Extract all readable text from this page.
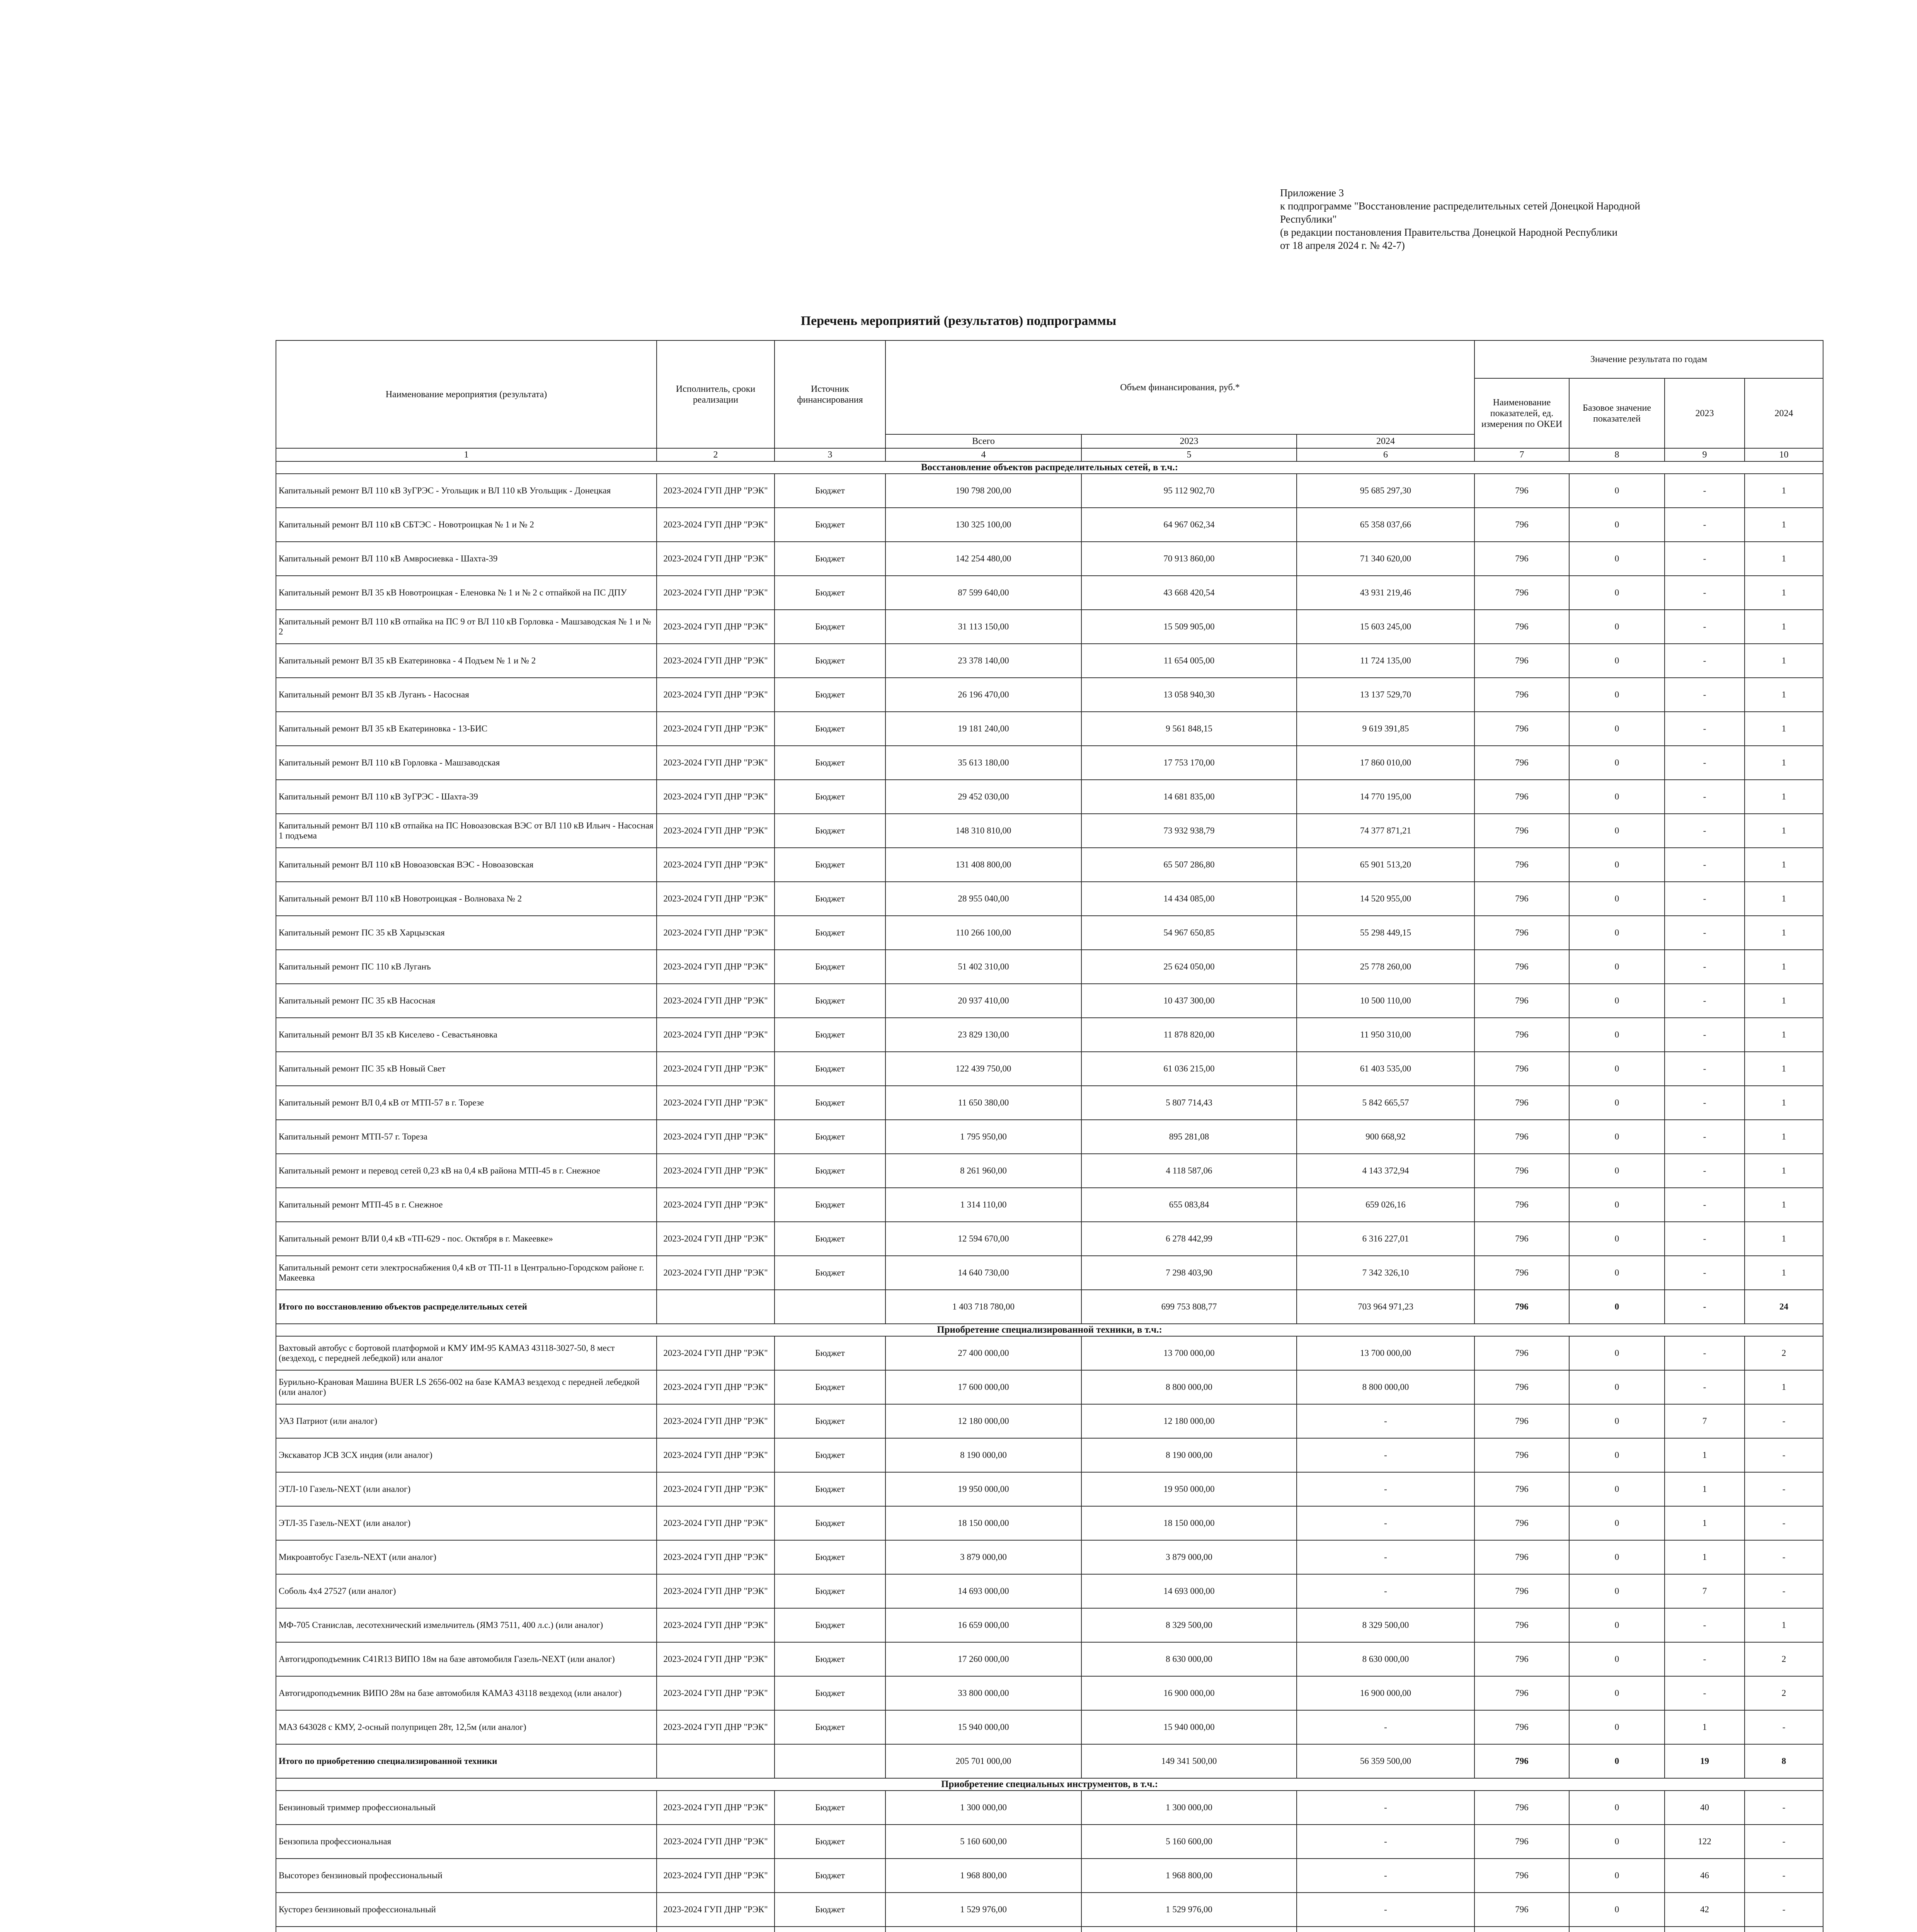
Приложение 3
к подпрограмме "Восстановление распределительных сетей Донецкой Народной
Республики"
(в редакции постановления Правительства Донецкой Народной Республики
от 18 апреля 2024 г. № 42-7)
Перечень мероприятий (результатов) подпрограммы
Наименование мероприятия (результата)	Исполнитель, сроки реализации	Источник финансирования	Объем финансирования, руб.*			Значение результата по годам			
						Наименование показателей, ед. измерения по ОКЕИ	Базовое значение показателей	2023	2024
			Всего	2023	2024				
1	2	3	4	5	6	7	8	9	10
Восстановление объектов распределительных сетей, в т.ч.:									
Капитальный ремонт ВЛ 110 кВ ЗуГРЭС - Угольщик и ВЛ 110 кВ Угольщик - Донецкая	2023-2024 ГУП ДНР "РЭК"	Бюджет	190 798 200,00	95 112 902,70	95 685 297,30	796	0	-	1
Капитальный ремонт ВЛ 110 кВ СБТЭС - Новотроицкая № 1 и № 2	2023-2024 ГУП ДНР "РЭК"	Бюджет	130 325 100,00	64 967 062,34	65 358 037,66	796	0	-	1
Капитальный ремонт ВЛ 110 кВ Амвросиевка - Шахта-39	2023-2024 ГУП ДНР "РЭК"	Бюджет	142 254 480,00	70 913 860,00	71 340 620,00	796	0	-	1
Капитальный ремонт ВЛ 35 кВ Новотроицкая - Еленовка № 1 и № 2 с отпайкой на ПС ДПУ	2023-2024 ГУП ДНР "РЭК"	Бюджет	87 599 640,00	43 668 420,54	43 931 219,46	796	0	-	1
Капитальный ремонт ВЛ 110 кВ отпайка на ПС 9 от ВЛ 110 кВ Горловка - Машзаводская № 1 и № 2	2023-2024 ГУП ДНР "РЭК"	Бюджет	31 113 150,00	15 509 905,00	15 603 245,00	796	0	-	1
Капитальный ремонт ВЛ 35 кВ Екатериновка - 4 Подъем № 1 и № 2	2023-2024 ГУП ДНР "РЭК"	Бюджет	23 378 140,00	11 654 005,00	11 724 135,00	796	0	-	1
Капитальный ремонт ВЛ 35 кВ Луганъ - Насосная	2023-2024 ГУП ДНР "РЭК"	Бюджет	26 196 470,00	13 058 940,30	13 137 529,70	796	0	-	1
Капитальный ремонт ВЛ 35 кВ Екатериновка - 13-БИС	2023-2024 ГУП ДНР "РЭК"	Бюджет	19 181 240,00	9 561 848,15	9 619 391,85	796	0	-	1
Капитальный ремонт ВЛ 110 кВ Горловка - Машзаводская	2023-2024 ГУП ДНР "РЭК"	Бюджет	35 613 180,00	17 753 170,00	17 860 010,00	796	0	-	1
Капитальный ремонт ВЛ 110 кВ ЗуГРЭС - Шахта-39	2023-2024 ГУП ДНР "РЭК"	Бюджет	29 452 030,00	14 681 835,00	14 770 195,00	796	0	-	1
Капитальный ремонт ВЛ 110 кВ отпайка на ПС Новоазовская ВЭС от ВЛ 110 кВ Ильич - Насосная 1 подъема	2023-2024 ГУП ДНР "РЭК"	Бюджет	148 310 810,00	73 932 938,79	74 377 871,21	796	0	-	1
Капитальный ремонт ВЛ 110 кВ Новоазовская ВЭС - Новоазовская	2023-2024 ГУП ДНР "РЭК"	Бюджет	131 408 800,00	65 507 286,80	65 901 513,20	796	0	-	1
Капитальный ремонт ВЛ 110 кВ Новотроицкая - Волноваха № 2	2023-2024 ГУП ДНР "РЭК"	Бюджет	28 955 040,00	14 434 085,00	14 520 955,00	796	0	-	1
Капитальный ремонт ПС 35 кВ Харцызская	2023-2024 ГУП ДНР "РЭК"	Бюджет	110 266 100,00	54 967 650,85	55 298 449,15	796	0	-	1
Капитальный ремонт ПС 110 кВ Луганъ	2023-2024 ГУП ДНР "РЭК"	Бюджет	51 402 310,00	25 624 050,00	25 778 260,00	796	0	-	1
Капитальный ремонт ПС 35 кВ Насосная	2023-2024 ГУП ДНР "РЭК"	Бюджет	20 937 410,00	10 437 300,00	10 500 110,00	796	0	-	1
Капитальный ремонт ВЛ 35 кВ Киселево - Севастьяновка	2023-2024 ГУП ДНР "РЭК"	Бюджет	23 829 130,00	11 878 820,00	11 950 310,00	796	0	-	1
Капитальный ремонт ПС 35 кВ Новый Свет	2023-2024 ГУП ДНР "РЭК"	Бюджет	122 439 750,00	61 036 215,00	61 403 535,00	796	0	-	1
Капитальный ремонт ВЛ 0,4 кВ от МТП-57 в г. Торезе	2023-2024 ГУП ДНР "РЭК"	Бюджет	11 650 380,00	5 807 714,43	5 842 665,57	796	0	-	1
Капитальный ремонт МТП-57 г. Тореза	2023-2024 ГУП ДНР "РЭК"	Бюджет	1 795 950,00	895 281,08	900 668,92	796	0	-	1
Капитальный ремонт и перевод сетей 0,23 кВ на 0,4 кВ района МТП-45 в г. Снежное	2023-2024 ГУП ДНР "РЭК"	Бюджет	8 261 960,00	4 118 587,06	4 143 372,94	796	0	-	1
Капитальный ремонт МТП-45 в г. Снежное	2023-2024 ГУП ДНР "РЭК"	Бюджет	1 314 110,00	655 083,84	659 026,16	796	0	-	1
Капитальный ремонт ВЛИ 0,4 кВ «ТП-629 - пос. Октября в г. Макеевке»	2023-2024 ГУП ДНР "РЭК"	Бюджет	12 594 670,00	6 278 442,99	6 316 227,01	796	0	-	1
Капитальный ремонт сети электроснабжения 0,4 кВ от ТП-11 в Центрально-Городском районе г. Макеевка	2023-2024 ГУП ДНР "РЭК"	Бюджет	14 640 730,00	7 298 403,90	7 342 326,10	796	0	-	1
Итого по восстановлению объектов распределительных сетей			1 403 718 780,00	699 753 808,77	703 964 971,23	796	0	-	24
Приобретение специализированной техники, в т.ч.:									
Вахтовый автобус с бортовой платформой и КМУ ИМ-95 КАМАЗ 43118-3027-50, 8 мест (вездеход, с передней лебедкой) или аналог	2023-2024 ГУП ДНР "РЭК"	Бюджет	27 400 000,00	13 700 000,00	13 700 000,00	796	0	-	2
Бурильно-Крановая Машина BUER LS 2656-002 на базе КАМАЗ вездеход с передней лебедкой (или аналог)	2023-2024 ГУП ДНР "РЭК"	Бюджет	17 600 000,00	8 800 000,00	8 800 000,00	796	0	-	1
УАЗ Патриот (или аналог)	2023-2024 ГУП ДНР "РЭК"	Бюджет	12 180 000,00	12 180 000,00	-	796	0	7	-
Экскаватор JCB 3CX индия (или аналог)	2023-2024 ГУП ДНР "РЭК"	Бюджет	8 190 000,00	8 190 000,00	-	796	0	1	-
ЭТЛ-10 Газель-NEXT (или аналог)	2023-2024 ГУП ДНР "РЭК"	Бюджет	19 950 000,00	19 950 000,00	-	796	0	1	-
ЭТЛ-35 Газель-NEXT (или аналог)	2023-2024 ГУП ДНР "РЭК"	Бюджет	18 150 000,00	18 150 000,00	-	796	0	1	-
Микроавтобус Газель-NEXT (или аналог)	2023-2024 ГУП ДНР "РЭК"	Бюджет	3 879 000,00	3 879 000,00	-	796	0	1	-
Соболь 4х4 27527 (или аналог)	2023-2024 ГУП ДНР "РЭК"	Бюджет	14 693 000,00	14 693 000,00	-	796	0	7	-
МФ-705 Станислав, лесотехнический измельчитель (ЯМЗ 7511, 400 л.с.) (или аналог)	2023-2024 ГУП ДНР "РЭК"	Бюджет	16 659 000,00	8 329 500,00	8 329 500,00	796	0	-	1
Автогидроподъемник С41R13 ВИПО 18м на базе автомобиля Газель-NEXT (или аналог)	2023-2024 ГУП ДНР "РЭК"	Бюджет	17 260 000,00	8 630 000,00	8 630 000,00	796	0	-	2
Автогидроподъемник ВИПО 28м на базе автомобиля КАМАЗ 43118 вездеход (или аналог)	2023-2024 ГУП ДНР "РЭК"	Бюджет	33 800 000,00	16 900 000,00	16 900 000,00	796	0	-	2
МАЗ 643028 с КМУ, 2-осный полуприцеп 28т, 12,5м (или аналог)	2023-2024 ГУП ДНР "РЭК"	Бюджет	15 940 000,00	15 940 000,00	-	796	0	1	-
Итого по приобретению специализированной техники			205 701 000,00	149 341 500,00	56 359 500,00	796	0	19	8
Приобретение специальных инструментов, в т.ч.:									
Бензиновый триммер профессиональный	2023-2024 ГУП ДНР "РЭК"	Бюджет	1 300 000,00	1 300 000,00	-	796	0	40	-
Бензопила профессиональная	2023-2024 ГУП ДНР "РЭК"	Бюджет	5 160 600,00	5 160 600,00	-	796	0	122	-
Высоторез бензиновый профессиональный	2023-2024 ГУП ДНР "РЭК"	Бюджет	1 968 800,00	1 968 800,00	-	796	0	46	-
Кусторез бензиновый профессиональный	2023-2024 ГУП ДНР "РЭК"	Бюджет	1 529 976,00	1 529 976,00	-	796	0	42	-
